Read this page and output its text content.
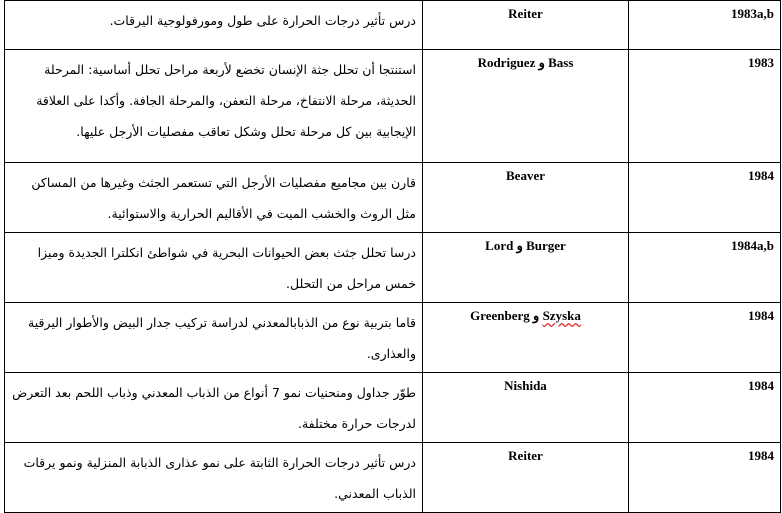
درس تأثير درجات الحرارة على طول ومورفولوجية اليرقات.	Reiter	1983a,b
استنتجا أن تحلل جثة الإنسان تخضع لأربعة مراحل تحلل أساسية: المرحلة الحديثة، مرحلة الانتفاخ، مرحلة التعفن، والمرحلة الجافة. وأكدا على العلاقة الإيجابية بين كل مرحلة تحلل وشكل تعاقب مفصليات الأرجل عليها.	Bass و Rodriguez	1983
قارن بين مجاميع مفصليات الأرجل التي تستعمر الجثث وغيرها من المساكن مثل الروث والخشب الميت في الأقاليم الحرارية والاستوائية.	Beaver	1984
درسا تحلل جثث بعض الحيوانات البحرية في شواطئ انكلترا الجديدة وميزا خمس مراحل من التحلل.	Burger و Lord	1984a,b
قاما بتربية نوع من الذبابالمعدني لدراسة تركيب جدار البيض والأطوار اليرقية والعذارى.	Szyska و Greenberg	1984
طوّر جداول ومنحنيات نمو 7 أنواع من الذباب المعدني وذباب اللحم بعد التعرض لدرجات حرارة مختلفة.	Nishida	1984
درس تأثير درجات الحرارة الثابتة على نمو عذارى الذبابة المنزلية ونمو يرقات الذباب المعدني.	Reiter	1984
